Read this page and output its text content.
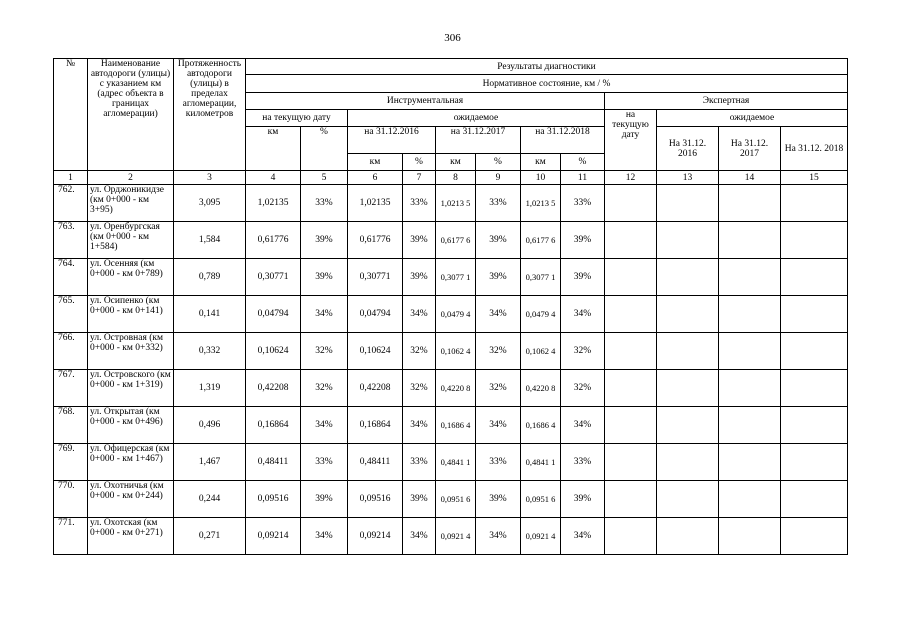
306
№	Наименование автодороги (улицы) с указанием км (адрес объекта в границах агломерации)	Протяженность автодороги (улицы) в пределах агломерации, километров	Результаты диагностики											
			Нормативное состояние, км / %											
			Инструментальная								Экспертная			
			на текущую дату		ожидаемое						на текущую дату	ожидаемое		
			км	%	на 31.12.2016		на 31.12.2017		на 31.12.2018			На 31.12. 2016	На 31.12. 2017	На 31.12. 2018
					км	%	км	%	км	%				
1	2	3	4	5	6	7	8	9	10	11	12	13	14	15
762.	ул. Орджоникидзе (км 0+000 - км 3+95)	3,095	1,02135	33%	1,02135	33%	1,0213 5	33%	1,0213 5	33%				
763.	ул. Оренбургская (км 0+000 - км 1+584)	1,584	0,61776	39%	0,61776	39%	0,6177 6	39%	0,6177 6	39%				
764.	ул. Осенняя (км 0+000 - км 0+789)	0,789	0,30771	39%	0,30771	39%	0,3077 1	39%	0,3077 1	39%				
765.	ул. Осипенко (км 0+000 - км 0+141)	0,141	0,04794	34%	0,04794	34%	0,0479 4	34%	0,0479 4	34%				
766.	ул. Островная (км 0+000 - км 0+332)	0,332	0,10624	32%	0,10624	32%	0,1062 4	32%	0,1062 4	32%				
767.	ул. Островского (км 0+000 - км 1+319)	1,319	0,42208	32%	0,42208	32%	0,4220 8	32%	0,4220 8	32%				
768.	ул. Открытая (км 0+000 - км 0+496)	0,496	0,16864	34%	0,16864	34%	0,1686 4	34%	0,1686 4	34%				
769.	ул. Офицерская (км 0+000 - км 1+467)	1,467	0,48411	33%	0,48411	33%	0,4841 1	33%	0,4841 1	33%				
770.	ул. Охотничья (км 0+000 - км 0+244)	0,244	0,09516	39%	0,09516	39%	0,0951 6	39%	0,0951 6	39%				
771.	ул. Охотская (км 0+000 - км 0+271)	0,271	0,09214	34%	0,09214	34%	0,0921 4	34%	0,0921 4	34%				
